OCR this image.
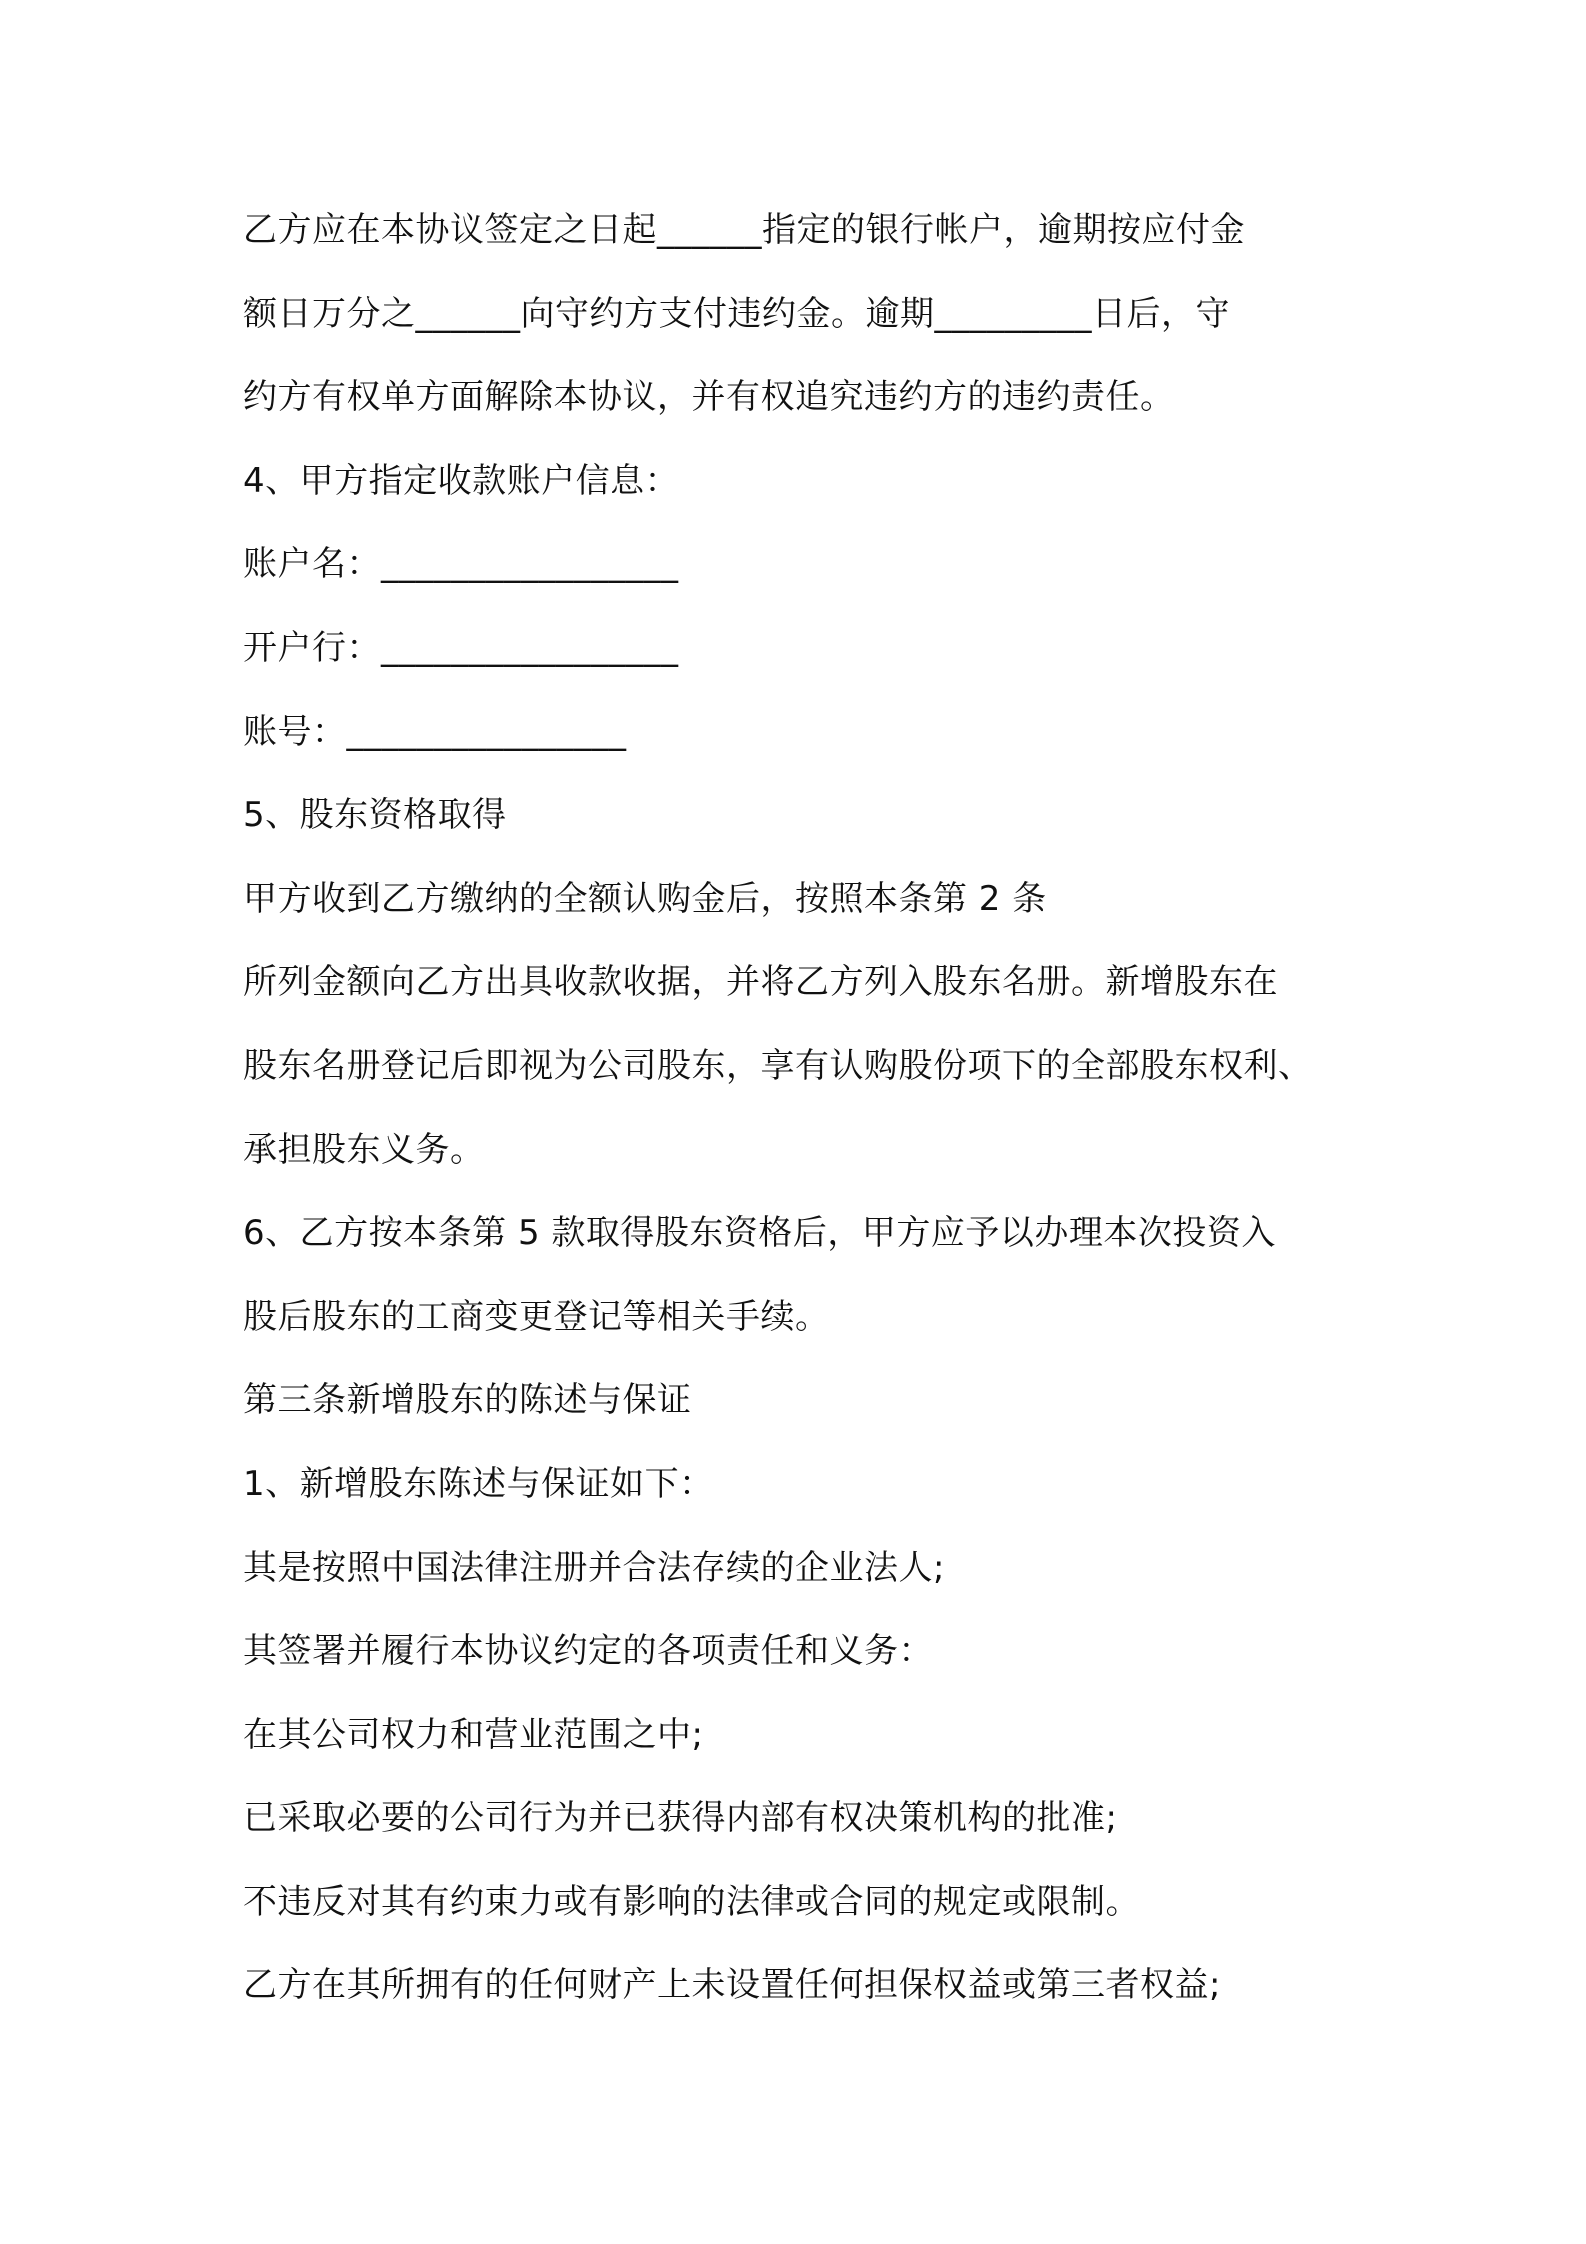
乙方应在本协议签定之日起______指定的银行帐户，逾期按应付金
额日万分之______向守约方支付违约金。逾期_________日后，守
约方有权单方面解除本协议，并有权追究违约方的违约责任。
4、甲方指定收款账户信息：
账户名：_________________
开户行：_________________
账号：________________
5、股东资格取得
甲方收到乙方缴纳的全额认购金后，按照本条第 2 条
所列金额向乙方出具收款收据，并将乙方列入股东名册。新增股东在
股东名册登记后即视为公司股东，享有认购股份项下的全部股东权利、
承担股东义务。
6、乙方按本条第 5 款取得股东资格后，甲方应予以办理本次投资入
股后股东的工商变更登记等相关手续。
第三条新增股东的陈述与保证
1、新增股东陈述与保证如下：
其是按照中国法律注册并合法存续的企业法人;
其签署并履行本协议约定的各项责任和义务：
在其公司权力和营业范围之中;
已采取必要的公司行为并已获得内部有权决策机构的批准;
不违反对其有约束力或有影响的法律或合同的规定或限制。
乙方在其所拥有的任何财产上未设置任何担保权益或第三者权益;
